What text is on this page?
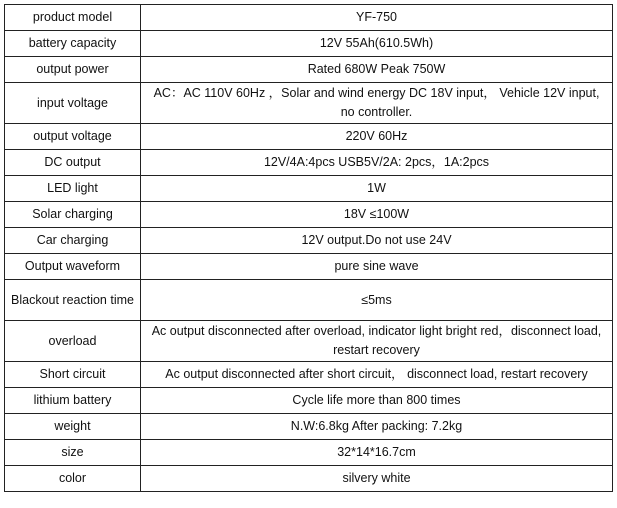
product model	YF-750
battery capacity	12V 55Ah(610.5Wh)
output power	Rated 680W Peak 750W
input voltage	AC：AC 110V 60Hz ，Solar and wind energy DC 18V input， Vehicle 12V input, no controller.
output voltage	220V 60Hz
DC output	12V/4A:4pcs USB5V/2A: 2pcs，1A:2pcs
LED light	1W
Solar charging	18V ≤100W
Car charging	12V output.Do not use 24V
Output waveform	pure sine wave
Blackout reaction time	≤5ms
overload	Ac output disconnected after overload, indicator light bright red，disconnect load, restart recovery
Short circuit	Ac output disconnected after short circuit， disconnect load, restart recovery
lithium battery	Cycle life more than 800 times
weight	N.W:6.8kg After packing: 7.2kg
size	32*14*16.7cm
color	silvery white
